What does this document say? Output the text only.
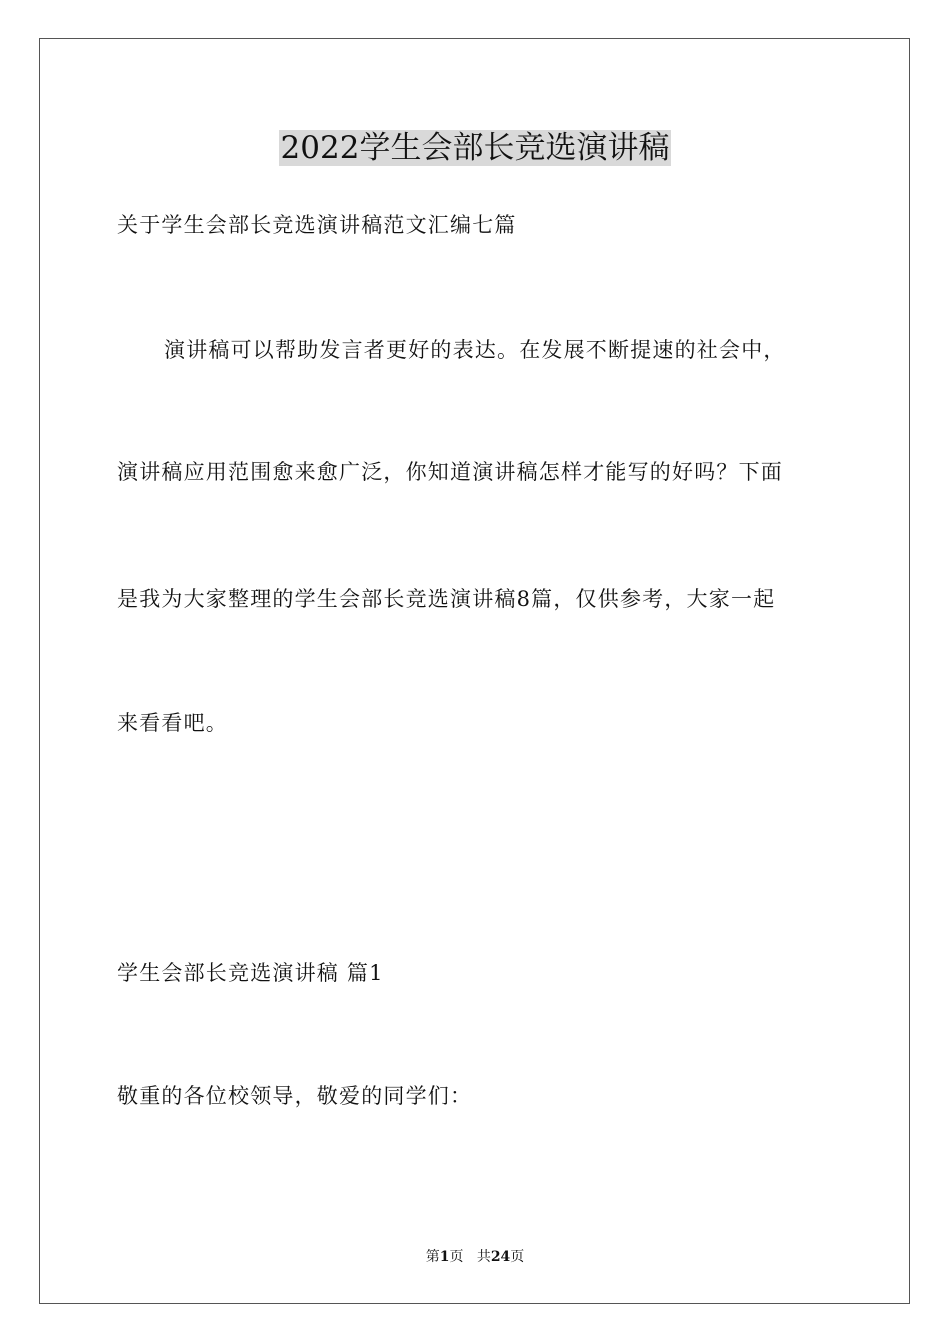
2022学生会部长竞选演讲稿
关于学生会部长竞选演讲稿范文汇编七篇
演讲稿可以帮助发言者更好的表达。在发展不断提速的社会中，
演讲稿应用范围愈来愈广泛，你知道演讲稿怎样才能写的好吗？下面
是我为大家整理的学生会部长竞选演讲稿8篇，仅供参考，大家一起
来看看吧。
学生会部长竞选演讲稿 篇1
敬重的各位校领导，敬爱的同学们：
第1页 共24页
